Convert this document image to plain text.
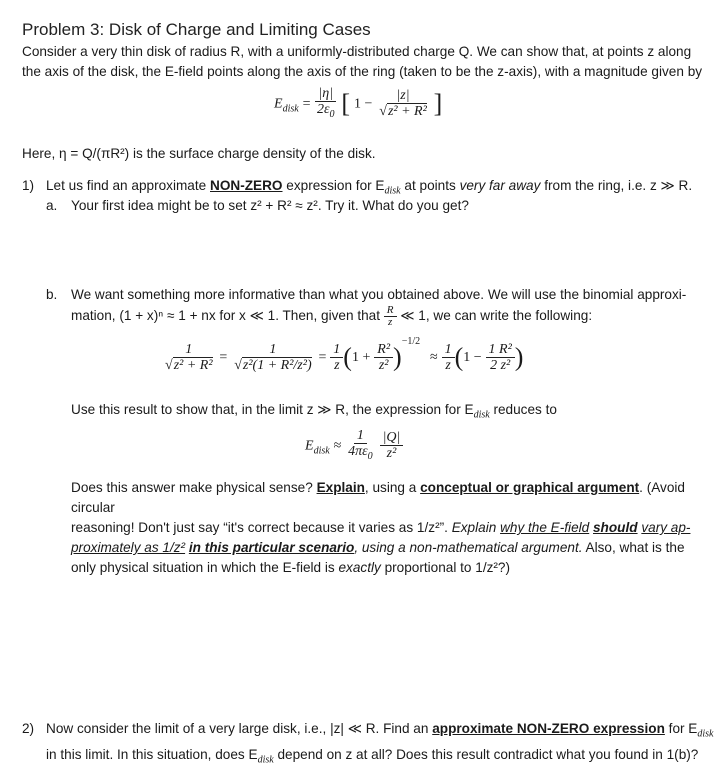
Problem 3: Disk of Charge and Limiting Cases
Consider a very thin disk of radius R, with a uniformly-distributed charge Q. We can show that, at points z along
the axis of the disk, the E-field points along the axis of the ring (taken to be the z-axis), with a magnitude given by
$E_{disk} = \frac{|\eta|}{2\varepsilon_0}$ [ $1 - \frac{|z|}{\text{√z² + R²}}$ ]
Here, η = Q/(πR²) is the surface charge density of the disk.
1) Let us find an approximate NON-ZERO expression for $E_{disk}$ at points very far away from the ring, i.e. z ≫ R.
a. Your first idea might be to set z² + R² ≈ z². Try it. What do you get?
b. We want something more informative than what you obtained above. We will use the binomial approxi-
mation, (1 + x)ⁿ ≈ 1 + nx for x ≪ 1. Then, given that $\frac{R}{z}$ ≪ 1, we can write the following:
$\frac{1}{\text{√z² + R²}} = \frac{1}{\text{√z²(1 + R²/z²)}} = \frac{1}{z} (1 + \frac{\text{R²}}{\text{z²}} )^{-1/2} \approx \frac{1}{z} (1 - \frac{\text{1 R²}}{\text{2 z²}}$ )
Use this result to show that, in the limit z ≫ R, the expression for $E_{disk}$ reduces to
$E_{disk} \approx \frac{1}{4\pi\varepsilon_0}$
$\frac{|Q|}{\text{z²}}$
Does this answer make physical sense? Explain, using a conceptual or graphical argument. (Avoid circular
reasoning! Don't just say “it's correct because it varies as 1/z²”. Explain why the E-field should vary ap-
proximately as 1/z² in this particular scenario, using a non-mathematical argument. Also, what is the
only physical situation in which the E-field is exactly proportional to 1/z²?)
2) Now consider the limit of a very large disk, i.e., |z| ≪ R. Find an approximate NON-ZERO expression for $E_{disk}$
in this limit. In this situation, does $E_{disk}$ depend on z at all? Does this result contradict what you found in 1(b)?
